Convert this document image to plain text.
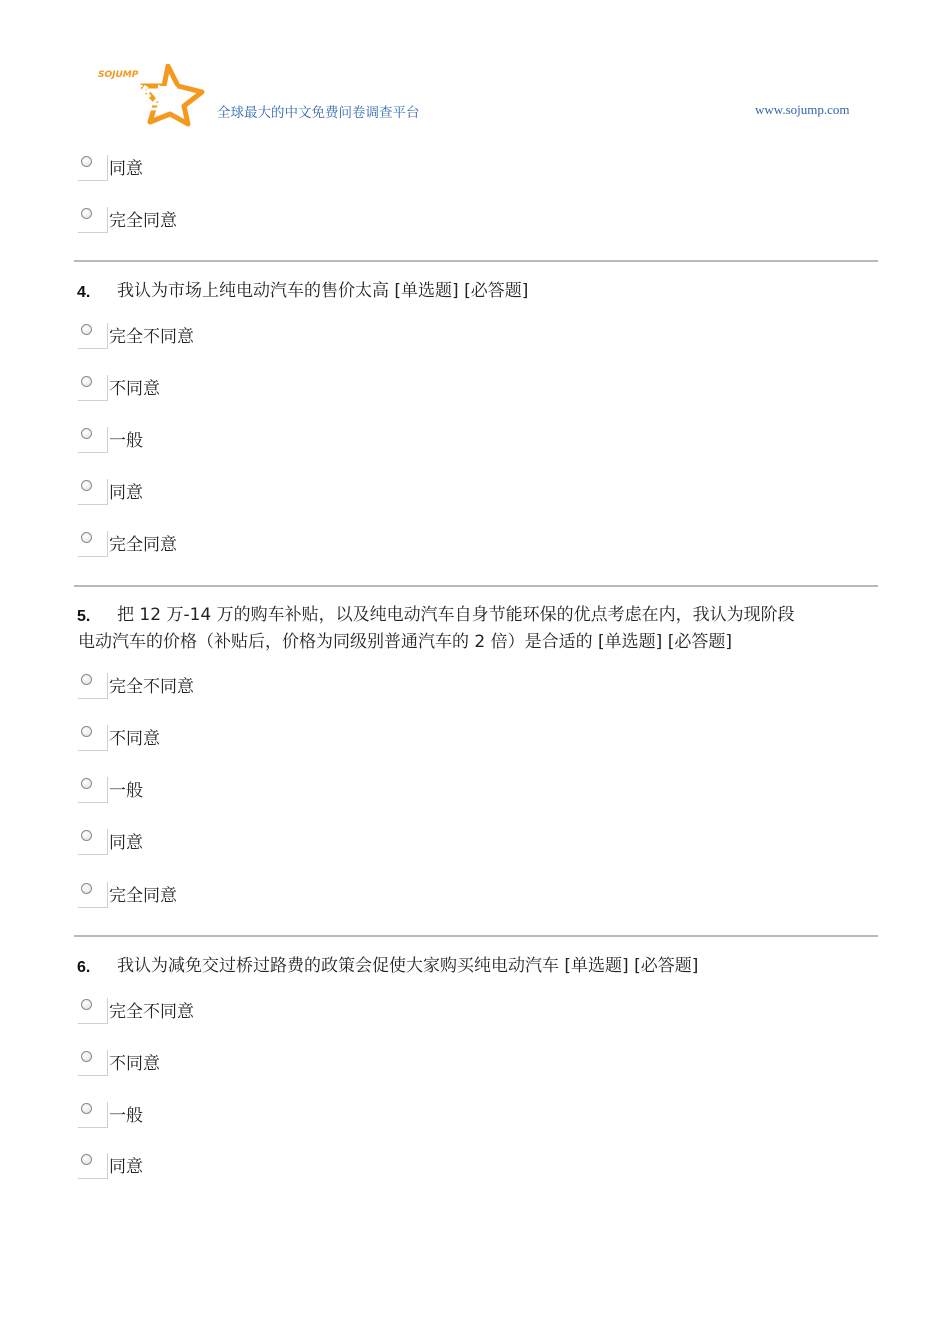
问卷星
SOJUMP
全球最大的中文免费问卷调查平台	www.sojump.com
同意
完全同意
4. 我认为市场上纯电动汽车的售价太高 [单选题] [必答题]
完全不同意
不同意
一般
同意
完全同意
5. 把 12 万-14 万的购车补贴，以及纯电动汽车自身节能环保的优点考虑在内，我认为现阶段
电动汽车的价格（补贴后，价格为同级别普通汽车的 2 倍）是合适的 [单选题] [必答题]
完全不同意
不同意
一般
同意
完全同意
6. 我认为减免交过桥过路费的政策会促使大家购买纯电动汽车 [单选题] [必答题]
完全不同意
不同意
一般
同意
